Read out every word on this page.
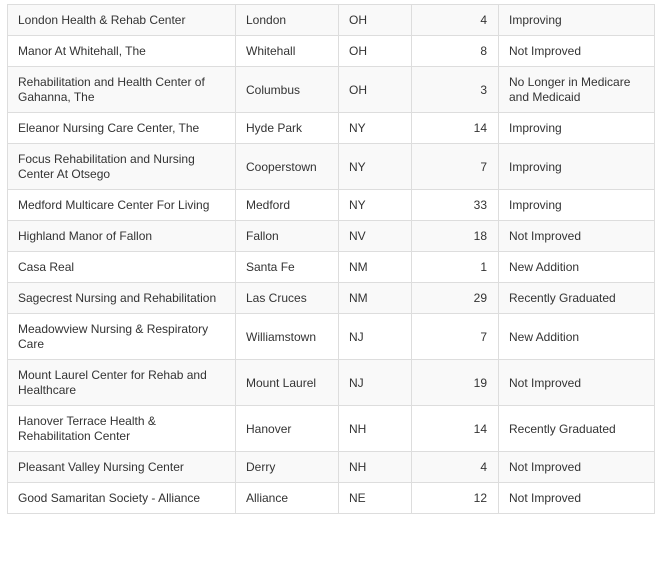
London Health & Rehab Center	London	OH	4	Improving
Manor At Whitehall, The	Whitehall	OH	8	Not Improved
Rehabilitation and Health Center of Gahanna, The	Columbus	OH	3	No Longer in Medicare and Medicaid
Eleanor Nursing Care Center, The	Hyde Park	NY	14	Improving
Focus Rehabilitation and Nursing Center At Otsego	Cooperstown	NY	7	Improving
Medford Multicare Center For Living	Medford	NY	33	Improving
Highland Manor of Fallon	Fallon	NV	18	Not Improved
Casa Real	Santa Fe	NM	1	New Addition
Sagecrest Nursing and Rehabilitation	Las Cruces	NM	29	Recently Graduated
Meadowview Nursing & Respiratory Care	Williamstown	NJ	7	New Addition
Mount Laurel Center for Rehab and Healthcare	Mount Laurel	NJ	19	Not Improved
Hanover Terrace Health & Rehabilitation Center	Hanover	NH	14	Recently Graduated
Pleasant Valley Nursing Center	Derry	NH	4	Not Improved
Good Samaritan Society - Alliance	Alliance	NE	12	Not Improved
